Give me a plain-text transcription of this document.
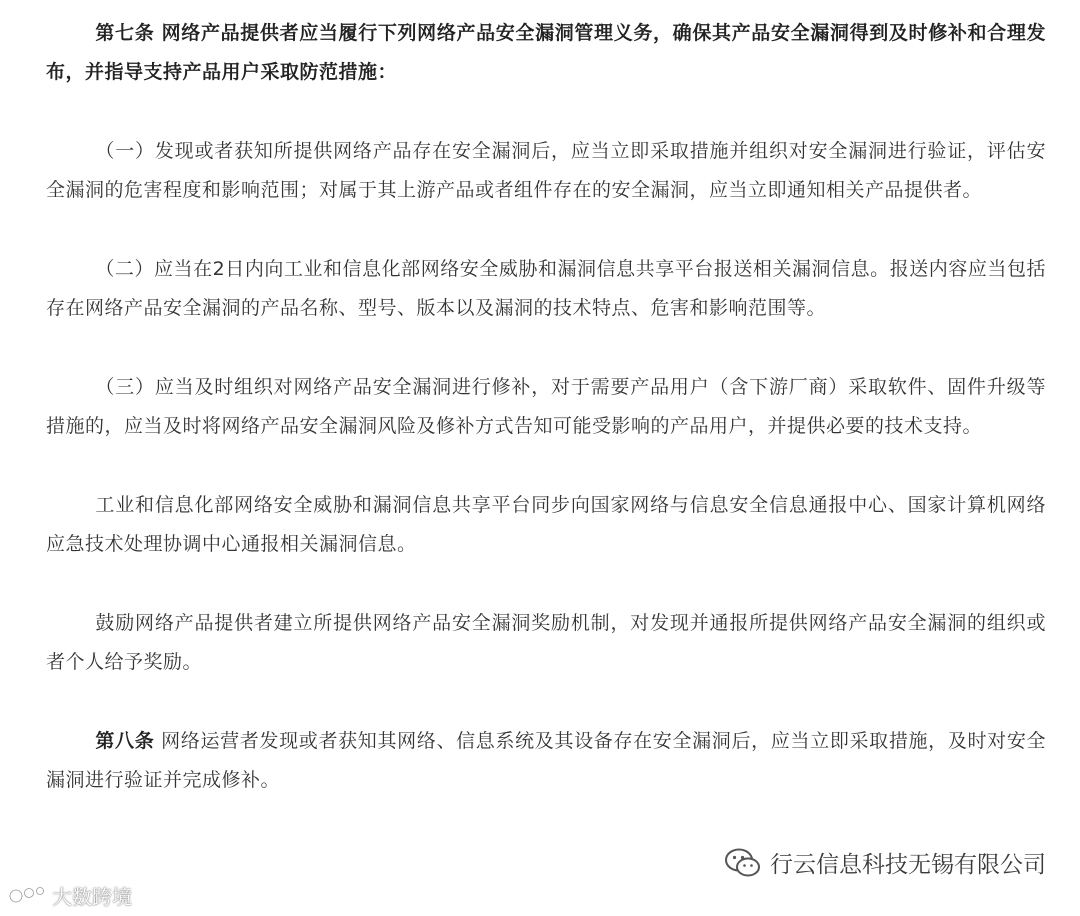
第七条 网络产品提供者应当履行下列网络产品安全漏洞管理义务，确保其产品安全漏洞得到及时修补和合理发布，并指导支持产品用户采取防范措施：

（一）发现或者获知所提供网络产品存在安全漏洞后，应当立即采取措施并组织对安全漏洞进行验证，评估安全漏洞的危害程度和影响范围；对属于其上游产品或者组件存在的安全漏洞，应当立即通知相关产品提供者。

（二）应当在2日内向工业和信息化部网络安全威胁和漏洞信息共享平台报送相关漏洞信息。报送内容应当包括存在网络产品安全漏洞的产品名称、型号、版本以及漏洞的技术特点、危害和影响范围等。

（三）应当及时组织对网络产品安全漏洞进行修补，对于需要产品用户（含下游厂商）采取软件、固件升级等措施的，应当及时将网络产品安全漏洞风险及修补方式告知可能受影响的产品用户，并提供必要的技术支持。

工业和信息化部网络安全威胁和漏洞信息共享平台同步向国家网络与信息安全信息通报中心、国家计算机网络应急技术处理协调中心通报相关漏洞信息。

鼓励网络产品提供者建立所提供网络产品安全漏洞奖励机制，对发现并通报所提供网络产品安全漏洞的组织或者个人给予奖励。

第八条 网络运营者发现或者获知其网络、信息系统及其设备存在安全漏洞后，应当立即采取措施，及时对安全漏洞进行验证并完成修补。

行云信息科技无锡有限公司
大数跨境
